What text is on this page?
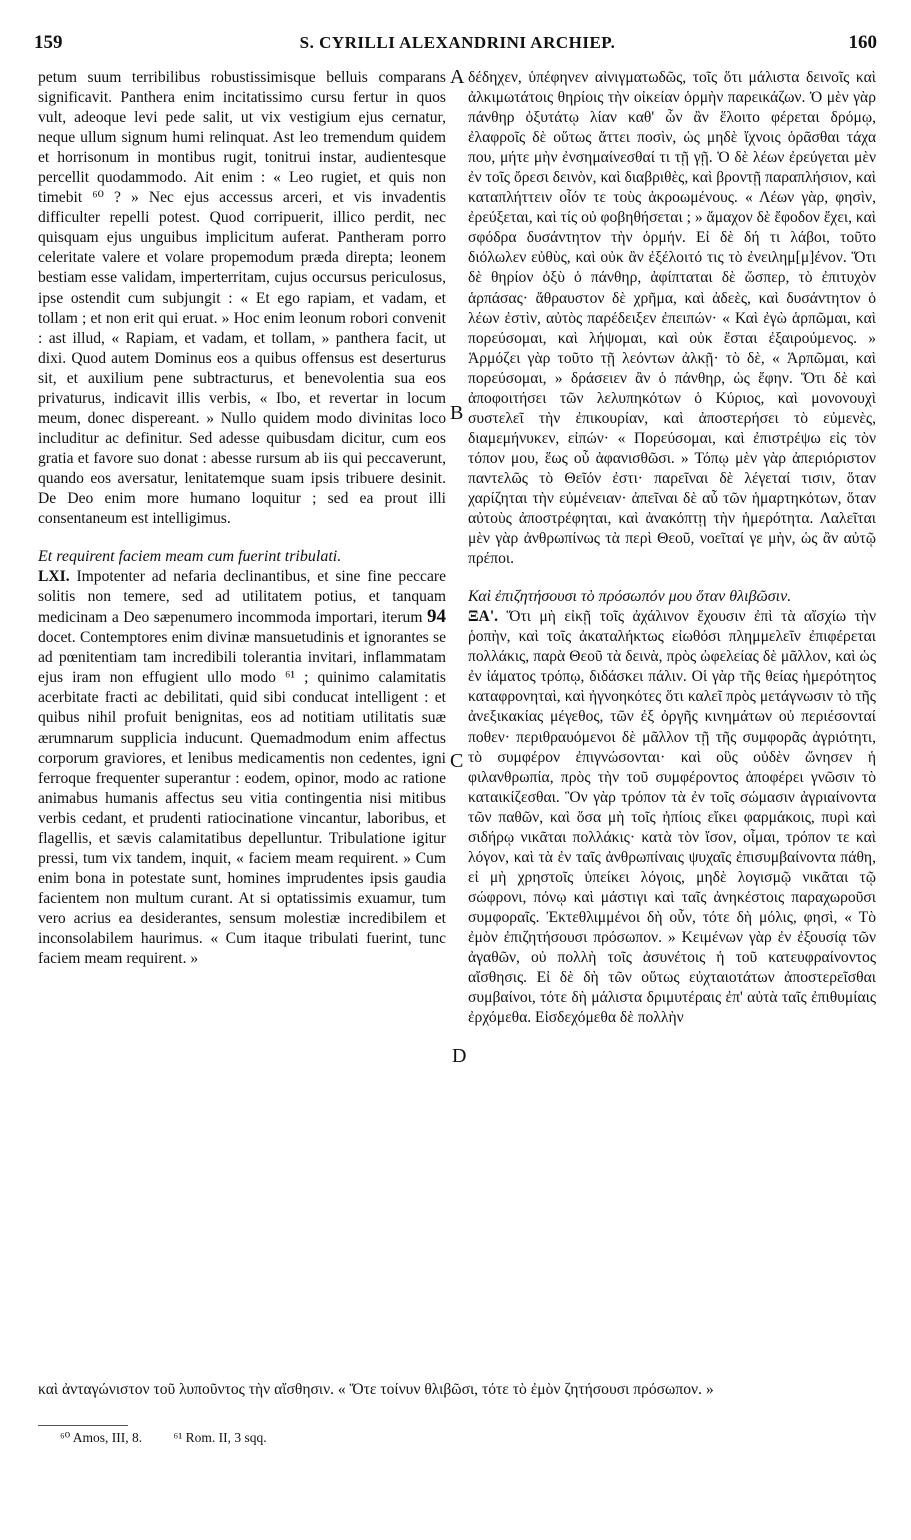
159	S. CYRILLI ALEXANDRINI ARCHIEP.	160

petum suum terribilibus robustissimisque belluis comparans significavit. Panthera enim incitatissimo cursu fertur in quos vult, adeoque levi pede salit, ut vix vestigium ejus cernatur, neque ullum signum humi relinquat. Ast leo tremendum quidem et horrisonum in montibus rugit, tonitrui instar, audientesque percellit quodammodo. Ait enim : « Leo rugiet, et quis non timebit ⁶⁰ ? » Nec ejus accessus arceri, et vis invadentis difficulter repelli potest. Quod corripuerit, illico perdit, nec quisquam ejus unguibus implicitum auferat. Pantheram porro celeritate valere et volare propemodum præda direpta; leonem bestiam esse validam, imperterritam, cujus occursus periculosus, ipse ostendit cum subjungit : « Et ego rapiam, et vadam, et tollam ; et non erit qui eruat. » Hoc enim leonum robori convenit : ast illud, « Rapiam, et vadam, et tollam, » panthera facit, ut dixi. Quod autem Dominus eos a quibus offensus est deserturus sit, et auxilium pene subtracturus, et benevolentia sua eos privaturus, indicavit illis verbis, « Ibo, et revertar in locum meum, donec dispereant. » Nullo quidem modo divinitas loco includitur ac definitur. Sed adesse quibusdam dicitur, cum eos gratia et favore suo donat : abesse rursum ab iis qui peccaverunt, quando eos aversatur, lenitatemque suam ipsis tribuere desinit. De Deo enim more humano loquitur ; sed ea prout illi consentaneum est intelligimus.

Et requirent faciem meam cum fuerint tribulati.

LXI. Impotenter ad nefaria declinantibus, et sine fine peccare solitis non temere, sed ad utilitatem potius, et tanquam medicinam a Deo sæpenumero incommoda importari, iterum 94 docet. Contemptores enim divinæ mansuetudinis et ignorantes se ad pœnitentiam tam incredibili tolerantia invitari, inflammatam ejus iram non effugient ullo modo ⁶¹ ; quinimo calamitatis acerbitate fracti ac debilitati, quid sibi conducat intelligent : et quibus nihil profuit benignitas, eos ad notitiam utilitatis suæ ærumnarum supplicia inducunt. Quemadmodum enim affectus corporum graviores, et lenibus medicamentis non cedentes, igni ferroque frequenter superantur : eodem, opinor, modo ac ratione animabus humanis affectus seu vitia contingentia nisi mitibus verbis cedant, et prudenti ratiocinatione vincantur, laboribus, et flagellis, et sævis calamitatibus depelluntur. Tribulatione igitur pressi, tum vix tandem, inquit, « faciem meam requirent. » Cum enim bona in potestate sunt, homines imprudentes ipsis gaudia facientem non multum curant. At si optatissimis exuamur, tum vero acrius ea desiderantes, sensum molestiæ incredibilem et inconsolabilem haurimus. « Cum itaque tribulati fuerint, tunc faciem meam requirent. »

δέδηχεν, ὑπέφηνεν αἰνιγματωδῶς, τοῖς ὅτι μάλιστα δεινοῖς καὶ ἀλκιμωτάτοις θηρίοις τὴν οἰκείαν ὁρμὴν παρεικάζων. Ὁ μὲν γὰρ πάνθηρ ὀξυτάτῳ λίαν καθ' ὧν ἂν ἕλοιτο φέρεται δρόμῳ, ἐλαφροῖς δὲ οὕτως ἄττει ποσὶν, ὡς μηδὲ ἴχνοις ὁρᾶσθαι τάχα που, μήτε μὴν ἐνσημαίνεσθαί τι τῇ γῇ. Ὁ δὲ λέων ἐρεύγεται μὲν ἐν τοῖς ὄρεσι δεινὸν, καὶ διαβριθὲς, καὶ βροντῇ παραπλήσιον, καὶ καταπλήττειν οἷόν τε τοὺς ἀκροωμένους. « Λέων γὰρ, φησὶν, ἐρεύξεται, καὶ τίς οὐ φοβηθήσεται ; » ἄμαχον δὲ ἔφοδον ἔχει, καὶ σφόδρα δυσάντητον τὴν ὁρμήν. Εἰ δὲ δή τι λάβοι, τοῦτο διόλωλεν εὐθὺς, καὶ οὐκ ἂν ἐξέλοιτό τις τὸ ἐνειλημ[μ]ένον. Ὅτι δὲ θηρίον ὀξὺ ὁ πάνθηρ, ἀφίπταται δὲ ὥσπερ, τὸ ἐπιτυχὸν ἁρπάσας· ἄθραυστον δὲ χρῆμα, καὶ ἀδεὲς, καὶ δυσάντητον ὁ λέων ἐστὶν, αὐτὸς παρέδειξεν ἐπειπών· « Καὶ ἐγὼ ἁρπῶμαι, καὶ πορεύσομαι, καὶ λήψομαι, καὶ οὐκ ἔσται ἐξαιρούμενος. » Ἁρμόζει γὰρ τοῦτο τῇ λεόντων ἀλκῇ· τὸ δὲ, « Ἁρπῶμαι, καὶ πορεύσομαι, » δράσειεν ἂν ὁ πάνθηρ, ὡς ἔφην. Ὅτι δὲ καὶ ἀποφοιτήσει τῶν λελυπηκότων ὁ Κύριος, καὶ μονονουχὶ συστελεῖ τὴν ἐπικουρίαν, καὶ ἀποστερήσει τὸ εὐμενὲς, διαμεμήνυκεν, εἰπών· « Πορεύσομαι, καὶ ἐπιστρέψω εἰς τὸν τόπον μου, ἕως οὗ ἀφανισθῶσι. » Τόπῳ μὲν γὰρ ἀπεριόριστον παντελῶς τὸ Θεῖόν ἐστι· παρεῖναι δὲ λέγεταί τισιν, ὅταν χαρίζηται τὴν εὐμένειαν· ἀπεῖναι δὲ αὖ τῶν ἡμαρτηκότων, ὅταν αὐτοὺς ἀποστρέφηται, καὶ ἀνακόπτῃ τὴν ἡμερότητα. Λαλεῖται μὲν γὰρ ἀνθρωπίνως τὰ περὶ Θεοῦ, νοεῖταί γε μὴν, ὡς ἂν αὐτῷ πρέποι.

Καὶ ἐπιζητήσουσι τὸ πρόσωπόν μου ὅταν θλιβῶσιν.

ΞΑ'. Ὅτι μὴ εἰκῇ τοῖς ἀχάλινον ἔχουσιν ἐπὶ τὰ αἴσχίω τὴν ῥοπὴν, καὶ τοῖς ἀκαταλήκτως εἰωθόσι πλημμελεῖν ἐπιφέρεται πολλάκις, παρὰ Θεοῦ τὰ δεινὰ, πρὸς ὠφελείας δὲ μᾶλλον, καὶ ὡς ἐν ἰάματος τρόπῳ, διδάσκει πάλιν. Οἱ γὰρ τῆς θείας ἡμερότητος καταφρονηταὶ, καὶ ἠγνοηκότες ὅτι καλεῖ πρὸς μετάγνωσιν τὸ τῆς ἀνεξικακίας μέγεθος, τῶν ἐξ ὀργῆς κινημάτων οὐ περιέσονταί ποθεν· περιθραυόμενοι δὲ μᾶλλον τῇ τῆς συμφορᾶς ἀγριότητι, τὸ συμφέρον ἐπιγνώσονται· καὶ οὓς οὐδὲν ὤνησεν ἡ φιλανθρωπία, πρὸς τὴν τοῦ συμφέροντος ἀποφέρει γνῶσιν τὸ καταικίζεσθαι. Ὃν γὰρ τρόπον τὰ ἐν τοῖς σώμασιν ἀγριαίνοντα τῶν παθῶν, καὶ ὅσα μὴ τοῖς ἠπίοις εἴκει φαρμάκοις, πυρὶ καὶ σιδήρῳ νικᾶται πολλάκις· κατὰ τὸν ἴσον, οἶμαι, τρόπον τε καὶ λόγον, καὶ τὰ ἐν ταῖς ἀνθρωπίναις ψυχαῖς ἐπισυμβαίνοντα πάθη, εἰ μὴ χρηστοῖς ὑπείκει λόγοις, μηδὲ λογισμῷ νικᾶται τῷ σώφρονι, πόνῳ καὶ μάστιγι καὶ ταῖς ἀνηκέστοις παραχωροῦσι συμφοραῖς. Ἐκτεθλιμμένοι δὴ οὖν, τότε δὴ μόλις, φησὶ, « Τὸ ἐμὸν ἐπιζητήσουσι πρόσωπον. » Κειμένων γὰρ ἐν ἐξουσίᾳ τῶν ἀγαθῶν, οὐ πολλὴ τοῖς ἀσυνέτοις ἡ τοῦ κατευφραίνοντος αἴσθησις. Εἰ δὲ δὴ τῶν οὕτως εὐχταιοτάτων ἀποστερεῖσθαι συμβαίνοι, τότε δὴ μάλιστα δριμυτέραις ἐπ' αὐτὰ ταῖς ἐπιθυμίαις ἐρχόμεθα. Εἰσδεχόμεθα δὲ πολλὴν

A
B
C
D
καὶ ἀνταγώνιστον τοῦ λυποῦντος τὴν αἴσθησιν. « Ὅτε τοίνυν θλιβῶσι, τότε τὸ ἐμὸν ζητήσουσι πρόσωπον. »
⁶⁰ Amos, III, 8. ⁶¹ Rom. II, 3 sqq.
